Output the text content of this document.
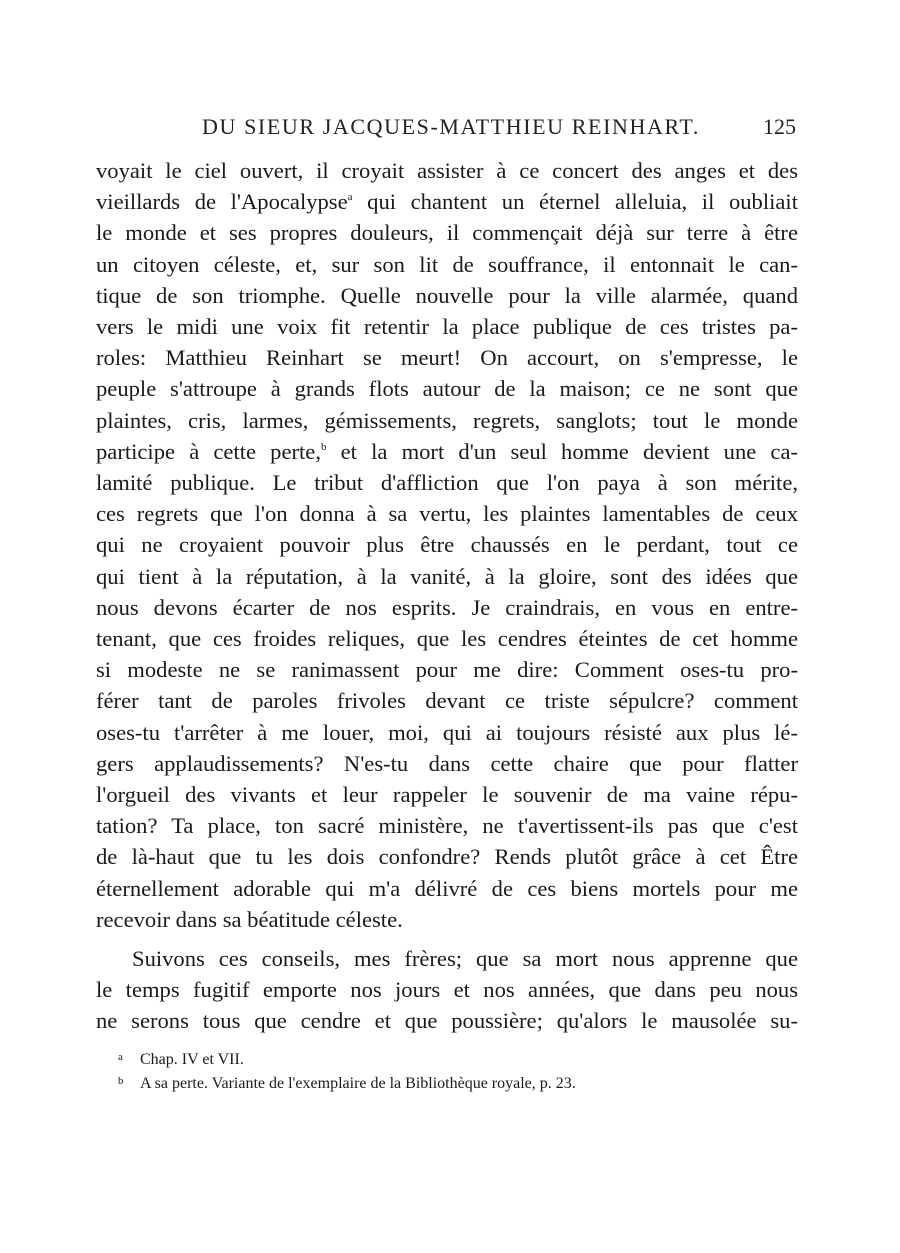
DU SIEUR JACQUES-MATTHIEU REINHART.	125

voyait le ciel ouvert, il croyait assister à ce concert des anges et des
vieillards de l'Apocalypse$^a$ qui chantent un éternel alleluia, il oubliait
le monde et ses propres douleurs, il commençait déjà sur terre à être
un citoyen céleste, et, sur son lit de souffrance, il entonnait le can-
tique de son triomphe. Quelle nouvelle pour la ville alarmée, quand
vers le midi une voix fit retentir la place publique de ces tristes pa-
roles: Matthieu Reinhart se meurt! On accourt, on s'empresse, le
peuple s'attroupe à grands flots autour de la maison; ce ne sont que
plaintes, cris, larmes, gémissements, regrets, sanglots; tout le monde
participe à cette perte,$^b$ et la mort d'un seul homme devient une ca-
lamité publique. Le tribut d'affliction que l'on paya à son mérite,
ces regrets que l'on donna à sa vertu, les plaintes lamentables de ceux
qui ne croyaient pouvoir plus être chaussés en le perdant, tout ce
qui tient à la réputation, à la vanité, à la gloire, sont des idées que
nous devons écarter de nos esprits. Je craindrais, en vous en entre-
tenant, que ces froides reliques, que les cendres éteintes de cet homme
si modeste ne se ranimassent pour me dire: Comment oses-tu pro-
férer tant de paroles frivoles devant ce triste sépulcre? comment
oses-tu t'arrêter à me louer, moi, qui ai toujours résisté aux plus lé-
gers applaudissements? N'es-tu dans cette chaire que pour flatter
l'orgueil des vivants et leur rappeler le souvenir de ma vaine répu-
tation? Ta place, ton sacré ministère, ne t'avertissent-ils pas que c'est
de là-haut que tu les dois confondre? Rends plutôt grâce à cet Être
éternellement adorable qui m'a délivré de ces biens mortels pour me
recevoir dans sa béatitude céleste.

Suivons ces conseils, mes frères; que sa mort nous apprenne que
le temps fugitif emporte nos jours et nos années, que dans peu nous
ne serons tous que cendre et que poussière; qu'alors le mausolée su-

a	Chap. IV et VII.
b A sa perte. Variante de l'exemplaire de la Bibliothèque royale, p. 23.
